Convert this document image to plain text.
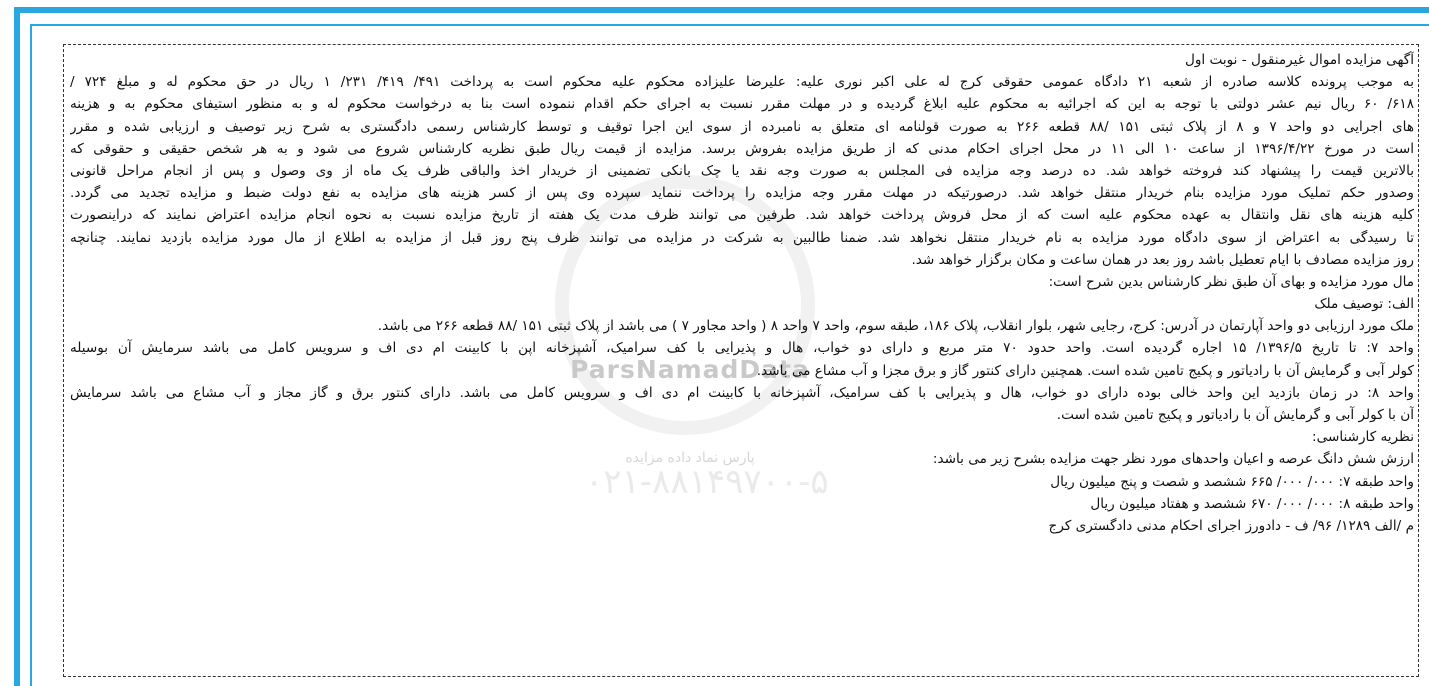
ParsNamadData
پارس نماد داده مزایده
۰۲۱-۸۸۱۴۹۷۰۰-۵
آگهی مزایده اموال غیرمنقول - نوبت اول
به موجب پرونده کلاسه صادره از شعبه ۲۱ دادگاه عمومی حقوقی کرج له علی اکبر نوری علیه: علیرضا علیزاده محکوم علیه محکوم است به پرداخت ۴۹۱/ ۴۱۹/ ۲۳۱/ ۱ ریال در حق محکوم له و مبلغ ۷۲۴ /
۶۱۸/ ۶۰ ریال نیم عشر دولتی با توجه به این که اجرائیه به محکوم علیه ابلاغ گردیده و در مهلت مقرر نسبت به اجرای حکم اقدام ننموده است بنا به درخواست محکوم له و به منظور استیفای محکوم به و هزینه
های اجرایی دو واحد ۷ و ۸ از پلاک ثبتی ۱۵۱ /۸۸ قطعه ۲۶۶ به صورت قولنامه ای متعلق به نامبرده از سوی این اجرا توقیف و توسط کارشناس رسمی دادگستری به شرح زیر توصیف و ارزیابی شده و مقرر
است در مورخ ۱۳۹۶/۴/۲۲ از ساعت ۱۰ الی ۱۱ در محل اجرای احکام مدنی که از طریق مزایده بفروش برسد. مزایده از قیمت ریال طبق نظریه کارشناس شروع می شود و به هر شخص حقیقی و حقوقی که
بالاترین قیمت را پیشنهاد کند فروخته خواهد شد. ده درصد وجه مزایده فی المجلس به صورت وجه نقد یا چک بانکی تضمینی از خریدار اخذ والباقی ظرف یک ماه از وی وصول و پس از انجام مراحل قانونی
وصدور حکم تملیک مورد مزایده بنام خریدار منتقل خواهد شد. درصورتیکه در مهلت مقرر وجه مزایده را پرداخت ننماید سپرده وی پس از کسر هزینه های مزایده به نفع دولت ضبط و مزایده تجدید می گردد.
کلیه هزینه های نقل وانتقال به عهده محکوم علیه است که از محل فروش پرداخت خواهد شد. طرفین می توانند ظرف مدت یک هفته از تاریخ مزایده نسبت به نحوه انجام مزایده اعتراض نمایند که دراینصورت
تا رسیدگی به اعتراض از سوی دادگاه مورد مزایده به نام خریدار منتقل نخواهد شد. ضمنا طالبین به شرکت در مزایده می توانند ظرف پنج روز قبل از مزایده به اطلاع از مال مورد مزایده بازدید نمایند. چنانچه
روز مزایده مصادف با ایام تعطیل باشد روز بعد در همان ساعت و مکان برگزار خواهد شد.
مال مورد مزایده و بهای آن طبق نظر کارشناس بدین شرح است:
الف: توصیف ملک
ملک مورد ارزیابی دو واحد آپارتمان در آدرس: کرج، رجایی شهر، بلوار انقلاب، پلاک ۱۸۶، طبقه سوم، واحد ۷ واحد ۸ ( واحد مجاور ۷ ) می باشد از پلاک ثبتی ۱۵۱ /۸۸ قطعه ۲۶۶ می باشد.
واحد ۷: تا تاریخ ۱۳۹۶/۵/ ۱۵ اجاره گردیده است. واحد حدود ۷۰ متر مربع و دارای دو خواب، هال و پذیرایی با کف سرامیک، آشپزخانه اپن با کابینت ام دی اف و سرویس کامل می باشد سرمایش آن بوسیله
کولر آبی و گرمایش آن با رادیاتور و پکیج تامین شده است. همچنین دارای کنتور گاز و برق مجزا و آب مشاع می باشد.
واحد ۸: در زمان بازدید این واحد خالی بوده دارای دو خواب، هال و پذیرایی با کف سرامیک، آشپزخانه با کابینت ام دی اف و سرویس کامل می باشد. دارای کنتور برق و گاز مجاز و آب مشاع می باشد سرمایش
آن با کولر آبی و گرمایش آن با رادیاتور و پکیج تامین شده است.
نظریه کارشناسی:
ارزش شش دانگ عرصه و اعیان واحدهای مورد نظر جهت مزایده بشرح زیر می باشد:
واحد طبقه ۷: ۰۰۰/ ۰۰۰/ ۶۶۵ ششصد و شصت و پنج میلیون ریال
واحد طبقه ۸: ۰۰۰/ ۰۰۰/ ۶۷۰ ششصد و هفتاد میلیون ریال
م /الف ۱۲۸۹/ ۹۶/ ف - دادورز اجرای احکام مدنی دادگستری کرج
